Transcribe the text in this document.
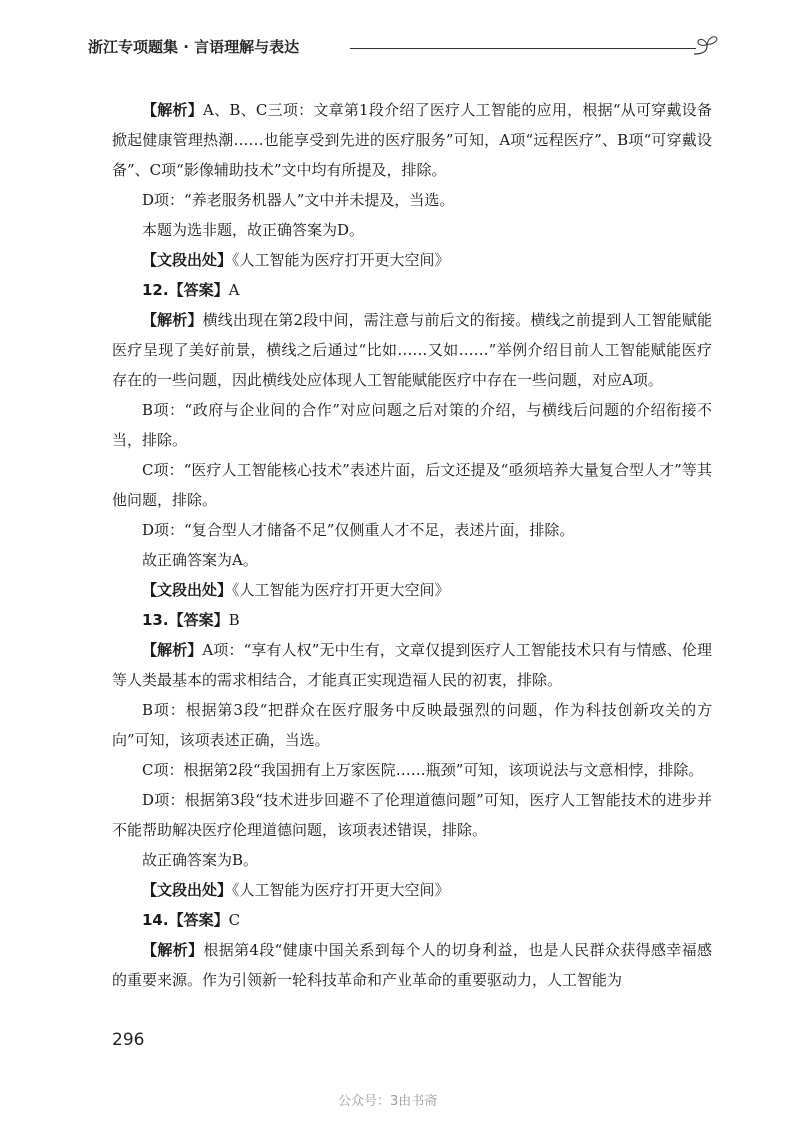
浙江专项题集 · 言语理解与表达

【解析】A、B、C三项：文章第1段介绍了医疗人工智能的应用，根据“从可穿戴设备掀起健康管理热潮……也能享受到先进的医疗服务”可知，A项“远程医疗”、B项“可穿戴设备”、C项“影像辅助技术”文中均有所提及，排除。

D项：“养老服务机器人”文中并未提及，当选。

本题为选非题，故正确答案为D。

【文段出处】《人工智能为医疗打开更大空间》

12.【答案】A

【解析】横线出现在第2段中间，需注意与前后文的衔接。横线之前提到人工智能赋能医疗呈现了美好前景，横线之后通过“比如……又如……”举例介绍目前人工智能赋能医疗存在的一些问题，因此横线处应体现人工智能赋能医疗中存在一些问题，对应A项。

B项：“政府与企业间的合作”对应问题之后对策的介绍，与横线后问题的介绍衔接不当，排除。

C项：“医疗人工智能核心技术”表述片面，后文还提及“亟须培养大量复合型人才”等其他问题，排除。

D项：“复合型人才储备不足”仅侧重人才不足，表述片面，排除。

故正确答案为A。

【文段出处】《人工智能为医疗打开更大空间》

13.【答案】B

【解析】A项：“享有人权”无中生有，文章仅提到医疗人工智能技术只有与情感、伦理等人类最基本的需求相结合，才能真正实现造福人民的初衷，排除。

B项：根据第3段“把群众在医疗服务中反映最强烈的问题，作为科技创新攻关的方向”可知，该项表述正确，当选。

C项：根据第2段“我国拥有上万家医院……瓶颈”可知，该项说法与文意相悖，排除。

D项：根据第3段“技术进步回避不了伦理道德问题”可知，医疗人工智能技术的进步并不能帮助解决医疗伦理道德问题，该项表述错误，排除。

故正确答案为B。

【文段出处】《人工智能为医疗打开更大空间》

14.【答案】C

【解析】根据第4段“健康中国关系到每个人的切身利益，也是人民群众获得感幸福感的重要来源。作为引领新一轮科技革命和产业革命的重要驱动力，人工智能为

296
公众号：3由书斋
